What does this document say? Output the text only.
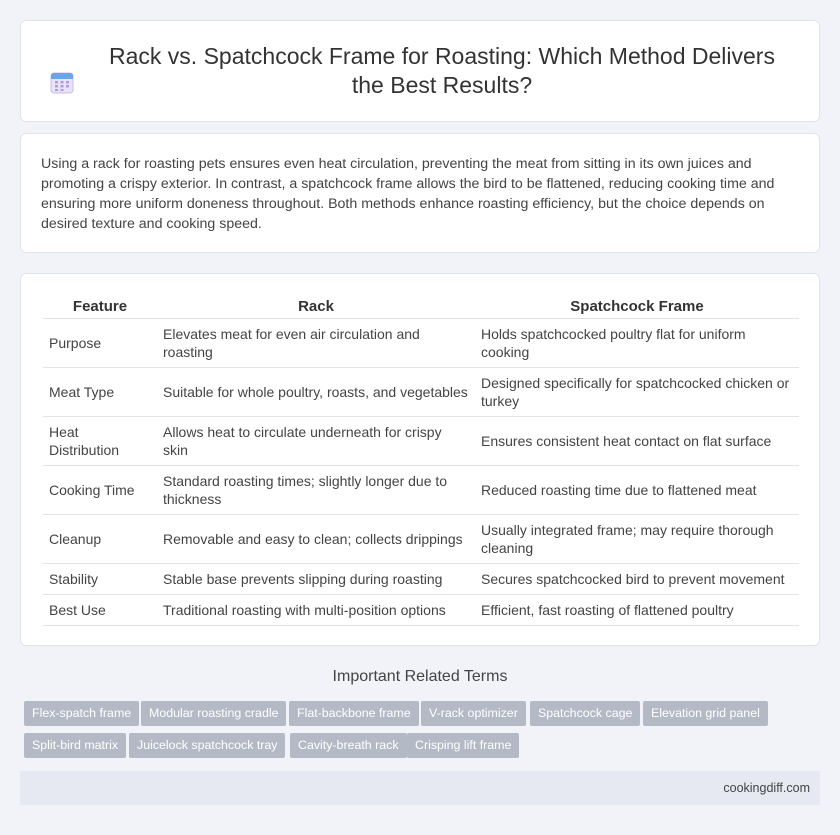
Rack vs. Spatchcock Frame for Roasting: Which Method Delivers the Best Results?

Using a rack for roasting pets ensures even heat circulation, preventing the meat from sitting in its own juices and promoting a crispy exterior. In contrast, a spatchcock frame allows the bird to be flattened, reducing cooking time and ensuring more uniform doneness throughout. Both methods enhance roasting efficiency, but the choice depends on desired texture and cooking speed.

Feature	Rack	Spatchcock Frame
Purpose	Elevates meat for even air circulation and roasting	Holds spatchcocked poultry flat for uniform cooking
Meat Type	Suitable for whole poultry, roasts, and vegetables	Designed specifically for spatchcocked chicken or turkey
Heat Distribution	Allows heat to circulate underneath for crispy skin	Ensures consistent heat contact on flat surface
Cooking Time	Standard roasting times; slightly longer due to thickness	Reduced roasting time due to flattened meat
Cleanup	Removable and easy to clean; collects drippings	Usually integrated frame; may require thorough cleaning
Stability	Stable base prevents slipping during roasting	Secures spatchcocked bird to prevent movement
Best Use	Traditional roasting with multi-position options	Efficient, fast roasting of flattened poultry
Important Related Terms
Flex-spatch frame	Modular roasting cradle	Flat-backbone frame	V-rack optimizer	Spatchcock cage	Elevation grid panel
Split-bird matrix	Juicelock spatchcock tray	Cavity-breath rack	Crisping lift frame
cookingdiff.com
